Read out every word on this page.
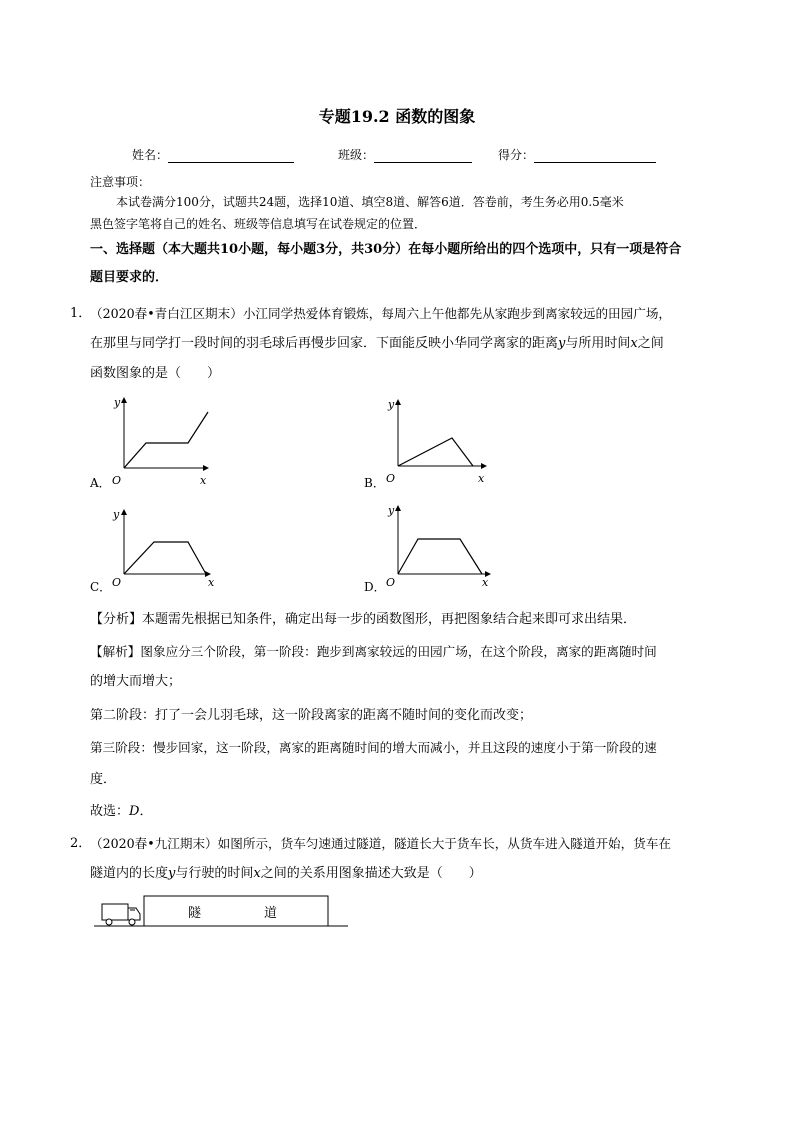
专题19.2 函数的图象
姓名：	班级：	得分：
注意事项：
本试卷满分100分，试题共24题，选择10道、填空8道、解答6道．答卷前，考生务必用0.5毫米
黑色签字笔将自己的姓名、班级等信息填写在试卷规定的位置．
一、选择题（本大题共10小题，每小题3分，共30分）在每小题所给出的四个选项中，只有一项是符合
题目要求的．
1．
（2020春•青白江区期末）小江同学热爱体育锻炼，每周六上午他都先从家跑步到离家较远的田园广场，
在那里与同学打一段时间的羽毛球后再慢步回家．下面能反映小华同学离家的距离y与所用时间x之间
函数图象的是（　　）
A．
y
x
O	B．
y
x
O
C．
y
x
O	D．
y
x
O
【分析】本题需先根据已知条件，确定出每一步的函数图形，再把图象结合起来即可求出结果．
【解析】图象应分三个阶段，第一阶段：跑步到离家较远的田园广场，在这个阶段，离家的距离随时间
的增大而增大；
第二阶段：打了一会儿羽毛球，这一阶段离家的距离不随时间的变化而改变；
第三阶段：慢步回家，这一阶段，离家的距离随时间的增大而减小，并且这段的速度小于第一阶段的速
度．
故选：D．
2．
（2020春•九江期末）如图所示，货车匀速通过隧道，隧道长大于货车长，从货车进入隧道开始，货车在
隧道内的长度y与行驶的时间x之间的关系用图象描述大致是（　　）
隧	道
